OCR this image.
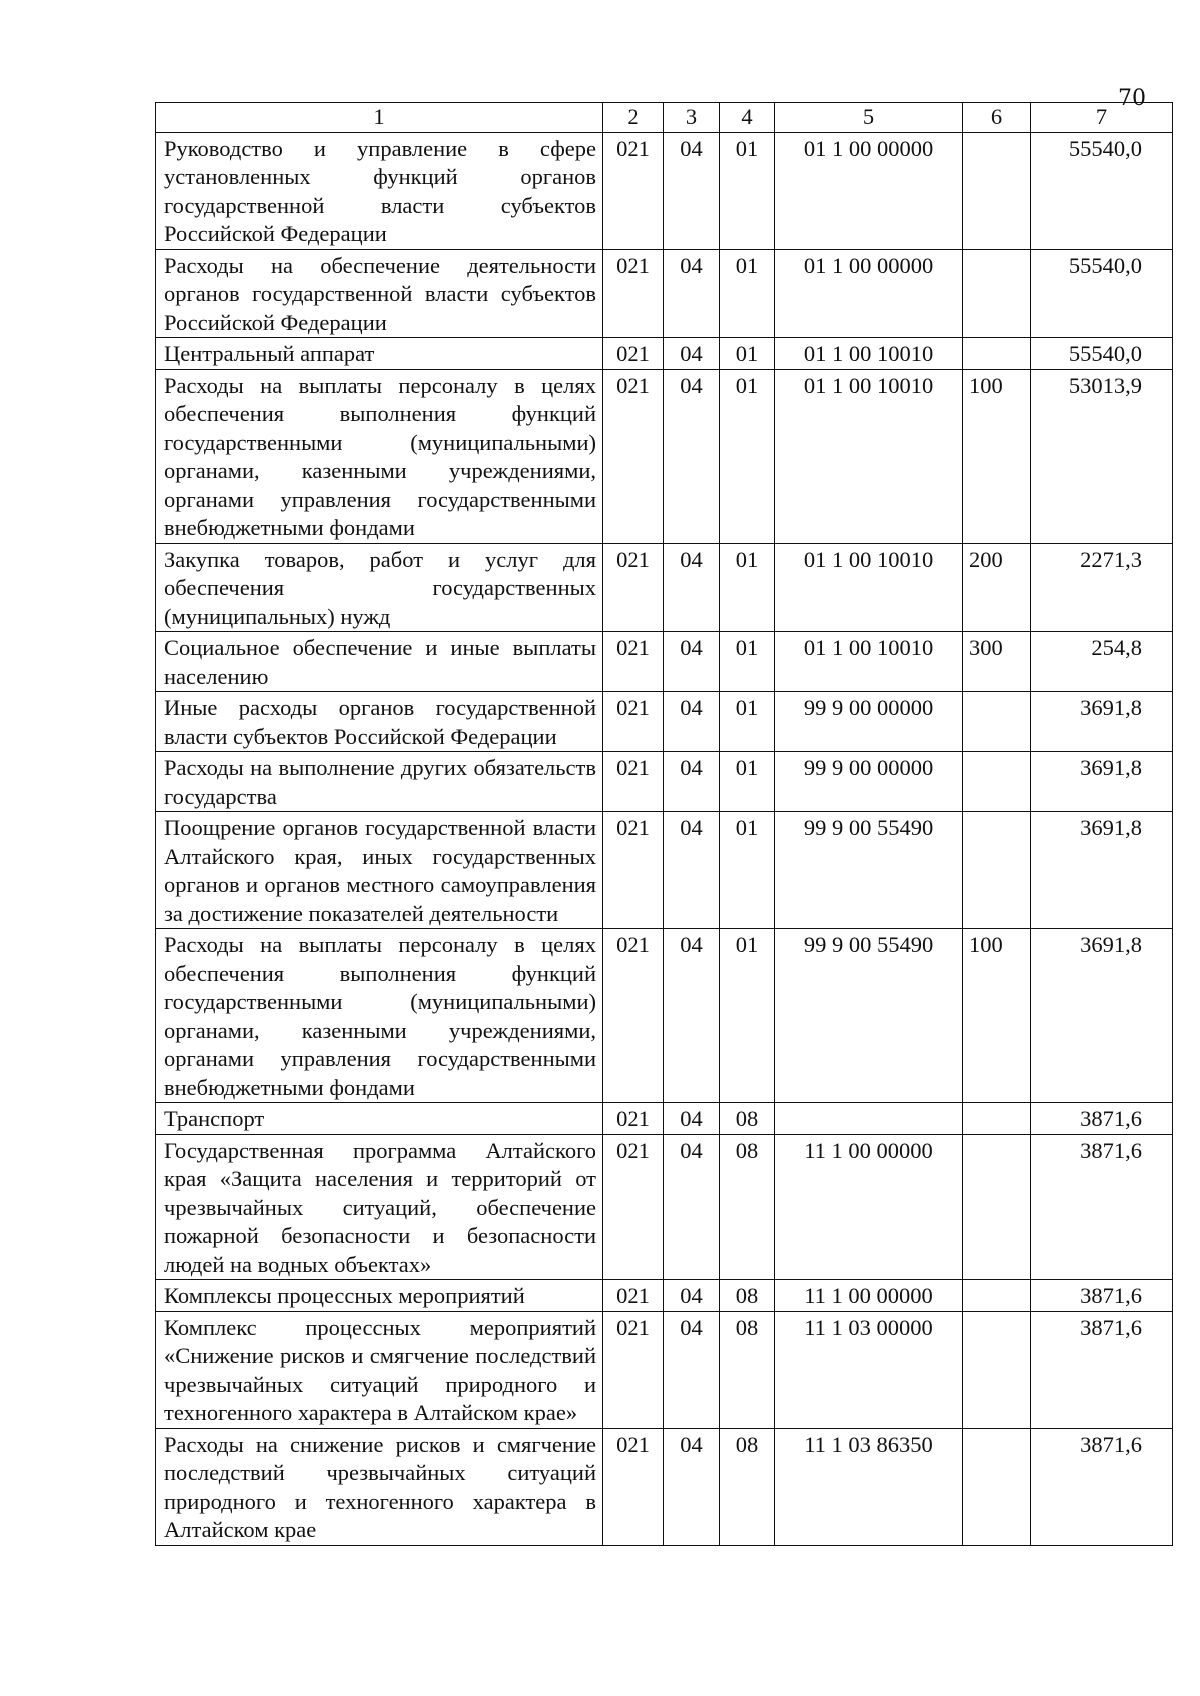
70
1	2	3	4	5	6	7
Руководство и управление в сфере установленных функций органов государственной власти субъектов Российской Федерации	021	04	01	01 1 00 00000		55540,0
Расходы на обеспечение деятельности органов государственной власти субъектов Российской Федерации	021	04	01	01 1 00 00000		55540,0
Центральный аппарат	021	04	01	01 1 00 10010		55540,0
Расходы на выплаты персоналу в целях обеспечения выполнения функций государственными (муниципальными) органами, казенными учреждениями, органами управления государственными внебюджетными фондами	021	04	01	01 1 00 10010	100	53013,9
Закупка товаров, работ и услуг для обеспечения государственных (муниципальных) нужд	021	04	01	01 1 00 10010	200	2271,3
Социальное обеспечение и иные выплаты населению	021	04	01	01 1 00 10010	300	254,8
Иные расходы органов государственной власти субъектов Российской Федерации	021	04	01	99 9 00 00000		3691,8
Расходы на выполнение других обязательств государства	021	04	01	99 9 00 00000		3691,8
Поощрение органов государственной власти Алтайского края, иных государственных органов и органов местного самоуправления за достижение показателей деятельности	021	04	01	99 9 00 55490		3691,8
Расходы на выплаты персоналу в целях обеспечения выполнения функций государственными (муниципальными) органами, казенными учреждениями, органами управления государственными внебюджетными фондами	021	04	01	99 9 00 55490	100	3691,8
Транспорт	021	04	08			3871,6
Государственная программа Алтайского края «Защита населения и территорий от чрезвычайных ситуаций, обеспечение пожарной безопасности и безопасности людей на водных объектах»	021	04	08	11 1 00 00000		3871,6
Комплексы процессных мероприятий	021	04	08	11 1 00 00000		3871,6
Комплекс процессных мероприятий «Снижение рисков и смягчение последствий чрезвычайных ситуаций природного и техногенного характера в Алтайском крае»	021	04	08	11 1 03 00000		3871,6
Расходы на снижение рисков и смягчение последствий чрезвычайных ситуаций природного и техногенного характера в Алтайском крае	021	04	08	11 1 03 86350		3871,6
